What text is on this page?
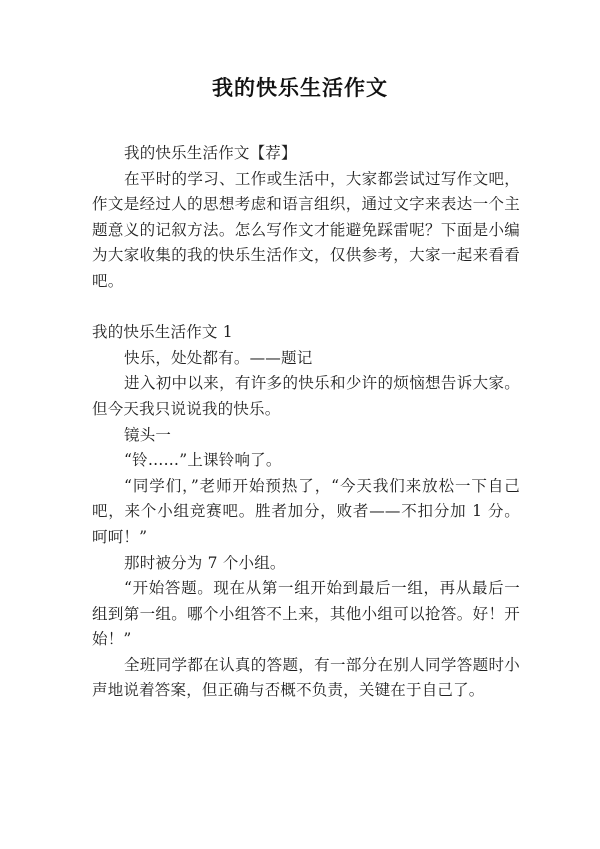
我的快乐生活作文

我的快乐生活作文【荐】

在平时的学习、工作或生活中，大家都尝试过写作文吧，作文是经过人的思想考虑和语言组织，通过文字来表达一个主题意义的记叙方法。怎么写作文才能避免踩雷呢？下面是小编为大家收集的我的快乐生活作文，仅供参考，大家一起来看看吧。

我的快乐生活作文 1

快乐，处处都有。——题记

进入初中以来，有许多的快乐和少许的烦恼想告诉大家。但今天我只说说我的快乐。

镜头一

“铃……”上课铃响了。

“同学们，”老师开始预热了，“今天我们来放松一下自己吧，来个小组竞赛吧。胜者加分，败者——不扣分加 1 分。呵呵！”

那时被分为 7 个小组。

“开始答题。现在从第一组开始到最后一组，再从最后一组到第一组。哪个小组答不上来，其他小组可以抢答。好！开始！”

全班同学都在认真的答题，有一部分在别人同学答题时小声地说着答案，但正确与否概不负责，关键在于自己了。
